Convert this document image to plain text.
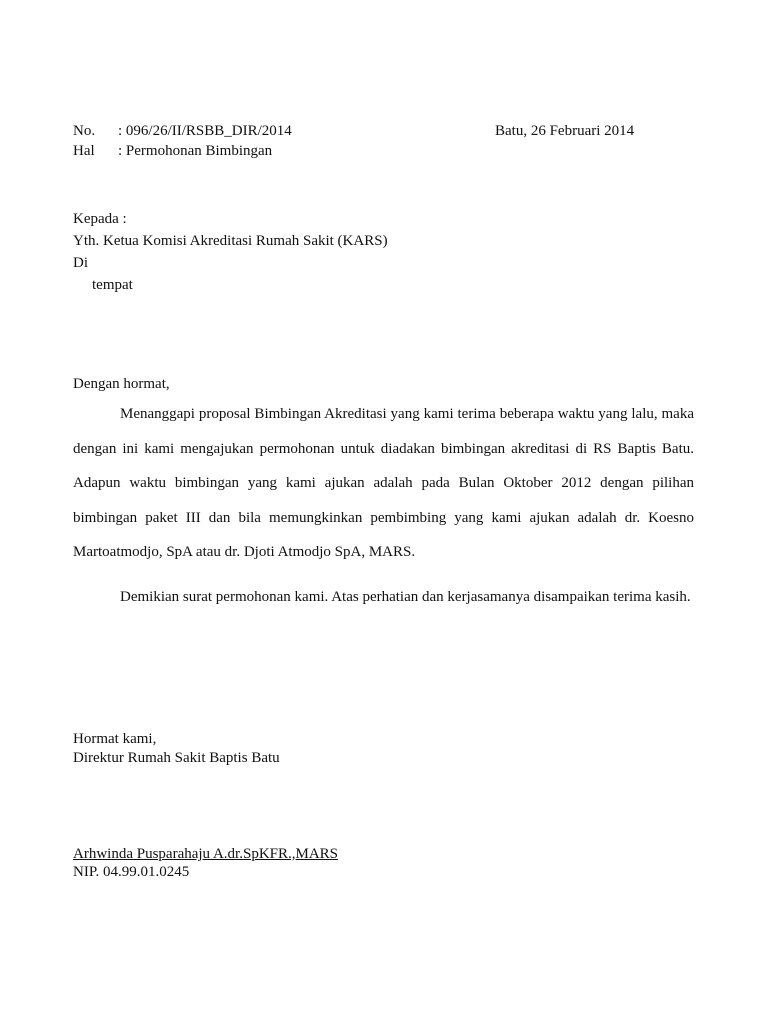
No. : 096/26/II/RSBB_DIR/2014	Batu, 26 Februari 2014
Hal : Permohonan Bimbingan
Kepada :
Yth. Ketua Komisi Akreditasi Rumah Sakit (KARS)
Di
tempat
Dengan hormat,
Menanggapi proposal Bimbingan Akreditasi yang kami terima beberapa waktu yang lalu, maka dengan ini kami mengajukan permohonan untuk diadakan bimbingan akreditasi di RS Baptis Batu. Adapun waktu bimbingan yang kami ajukan adalah pada Bulan Oktober 2012 dengan pilihan bimbingan paket III dan bila memungkinkan pembimbing yang kami ajukan adalah dr. Koesno Martoatmodjo, SpA atau dr. Djoti Atmodjo SpA, MARS.
Demikian surat permohonan kami. Atas perhatian dan kerjasamanya disampaikan terima kasih.
Hormat kami,
Direktur Rumah Sakit Baptis Batu
Arhwinda Pusparahaju A.dr.SpKFR.,MARS
NIP. 04.99.01.0245
